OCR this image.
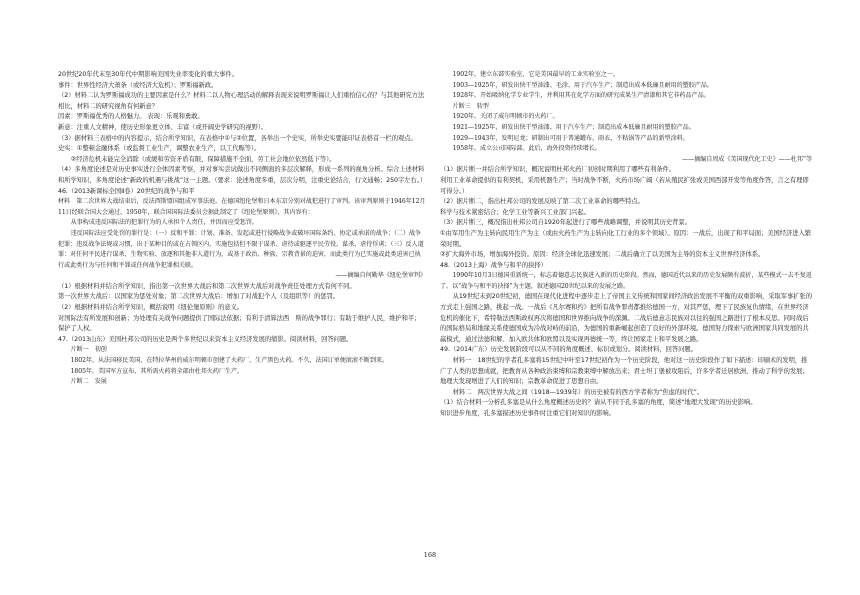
20世纪20年代末至30年代中期影响美国失业率变化的重大事件。

事件：世界性经济大萧条（或经济大危机）；罗斯福新政。

（2）材料二认为罗斯福成功的主要因素是什么？材料二以人物心理活动的解释表现来说明罗斯福让人们重拾信心的？与其他研究方法相比，材料二的研究视角有何新意？

因素：罗斯福优秀的人格魅力。 表现：乐观和勇敢。

新意：注重人文精神，使历史形象更立体、丰富（或开阔史学研究的视野）。

（3）据材料三表格中的内容提示，结合所学知识，在表格中①与②位置，各举出一个史实，所举史实要能印证表格首一栏的观点。

史实：①整顿金融体系（或监督工业生产，调整农业生产，以工代赈等）。

②经济危机未能完全消除（或緩和劳资矛盾有限，保障措施不全面，劳工社会地位依然低下等）。

（4）多角度论述是对历史事实进行全体因素考察，并对事实尝试做出不同侧面的多层次解释，形成一系列的视角分析。综合上述材料和所学知识，多角度论述“新政的机遇与挑战”这一主题。（要求：论述角度多重，层次分明，注重史论结合，行文通畅；250字左右。）

46.（2013新课标全国Ⅱ卷）20世纪的战争与和平

材料　第二次世界大战结束后，反法西斯盟国组成军事法庭。在德国纽伦堡和日本东京分别对战犯进行了审判。该审判原则于1946年12月11日经联合国大会通过，1950年，联合国国际法委员会据此制定了《纽伦堡原则》，其内容有：

从事构成违反国际法的犯罪行为的人承担个人责任，并因而应受惩罚。

违反国际法应受处罚的罪行是：（一）反和平罪：计划、准备、发起或进行侵略战争或破坏国际条约、协定或承诺的战争；（二）战争犯罪：违反战争法规或习惯，出于某种目的或在占领区内，实施包括但不限于谋杀、虐待或驱逐平民劳役、谋杀、虐待俘虏；（三）反人道罪：对任何平民进行谋杀、生物实验、放逐和其他非人道行为，或基于政治、种族、宗教背景的迫害，而此类行为已实施或此类迫害已执行或此类行为与任何和平罪或任何战争犯罪相关联。

——摘编自何勤华《纽伦堡审判》

（1）根据材料并结合所学知识，指出第一次世界大战后和第二次世界大战后对战争责任处理方式有何不同。

第一次世界大战后：以国家为惩处对象；第二次世界大战后：增加了对战犯个人（及组织等）的惩罚。

（2）根据材料并结合所学知识，概括说明《纽伦堡原则》的意义。

对国际法有所发展和创新；为处理有关战争问题提供了国际法依据；有利于清算法西　斯的战争罪行；有助于维护人民，维护和平；保护了人权。

47.（2013山东）美国杜邦公司的历史是两个多世纪以来资本主义经济发展的缩影。阅读材料，回答问题。

片断一　初创

1802年，从法国移民美国，在特拉华州的威尔明顿市创建了火药厂，生产黑色火药。不久，法国订单便滚滚不断到来。

1805年，美国军方宣布，其所需火药将全部由杜邦火药厂生产。

片断二　发展

1902年，建立东部实验室，它是美国最早的工业实验室之一。

1903—1925年，研发出快干型油漆、毛涂、用于汽车生产；制造出成本低廉且耐用的塑胶产品。

1928年，开始吸纳化学专业学生，并利用其在化学方面的研究成果生产清漆和其它非药品产品。

片断三　转型

1920年，关闭了威尔明顿市的火药厂。

1921—1925年，研发出快干型油漆、用于汽车生产；制造出成本低廉且耐用的塑胶产品。

1929—1943年，发明尼龙；研制出可用于普通罐布、雨衣、不粘锅等产品的新型涂料。

1958年，成立公司国际部。此后，海外投资持续增长。

——摘编自周成《美国现代化工史》——杜邦”等

（1）据片断一并结合所学知识，概况说明杜邦火药厂初创时期利用了哪些有利条件。

利用工业革命提供的有利契机，采用机器生产；当时战争不断，火药市场广阔（若从殖民扩张或美国西部开发等角度作答，言之有理即可得分。）

（2）据片断二，指出杜邦公司的发展反映了第二次工业革命的哪些特点。

科学与技术紧密结合；化学工业等新兴工业部门兴起。

（3）据片断三，概况指出杜邦公司自1920年起进行了哪些战略调整，并说明其历史背景。

①由军用生产为主转向民用生产为主（或由火药生产为主转向化工行业的多个领域）。原因：一战后，出现了和平局面；美国经济进入繁荣时期。

②扩大海外市场，增加海外投资。原因：经济全球化迅速发展；二战后确立了以美国为主导的资本主义世界经济体系。

48.（2013上海）战争与和平的抉择）

1990年10月3日德国重新统一，标志着德意志民族进入新的历史阶段。然而，德国近代以来的历史发展颇有波折，某些模式一去不复返了。以“战争与和平的抉择”为主题，叙述德国20世纪以来的发展之路。

从19世纪末到20世纪初，德国在现代化进程中逐步走上了帝国主义传统和国家间经济政治发展不平衡的双重影响，采取军事扩张的方式走上强国之路，挑起一战。一战后《凡尔赛和约》把所有战争罪责都推给德国一方，对其严惩，埋下了民族复仇情绪，在世界经济危机的催化下，希特勒法西斯政权再次将德国和世界推向战争的深渊。二战后德意志民族对以往的强国之路进行了根本反思。同时战后的国际格局和地缘关系使德国成为冷战对峙的前沿，为德国的重新崛起创造了良好的外部环境。德国努力探索与欧洲国家共同发展的共赢模式，通过法德和解、加入欧共体和欧盟以及实现再德统一等，终让国家走上和平发展之路。

49.（2014广东）历史发展阶段可以从不同的角度概述、标识或划分。阅读材料，回答问题。

材料一　18世纪的学者孔多塞将15世纪中叶至17世纪初作为一个历史阶段，他对这一历史阶段作了如下描述：印刷术的发明，推广了人类的思想成就，把教育从各种政治束缚和宗教束缚中解放出来；君士坦丁堡被攻陷后，许多学者迁居欧洲，推动了科学的发展；地理大发现增进了人们的知识；宗教革命促进了思想自由。

材料二　两次世界大战之间（1918—1939年）的历史被有的西方学者称为“焦虑的时代”。

（1）结合材料一分析孔多塞是从什么角度概述历史的？请从不同于孔多塞的角度，简述“地理大发现”的历史影响。

知识进步角度，孔多塞描述历史事件时注重它们对知识的影响。

168
